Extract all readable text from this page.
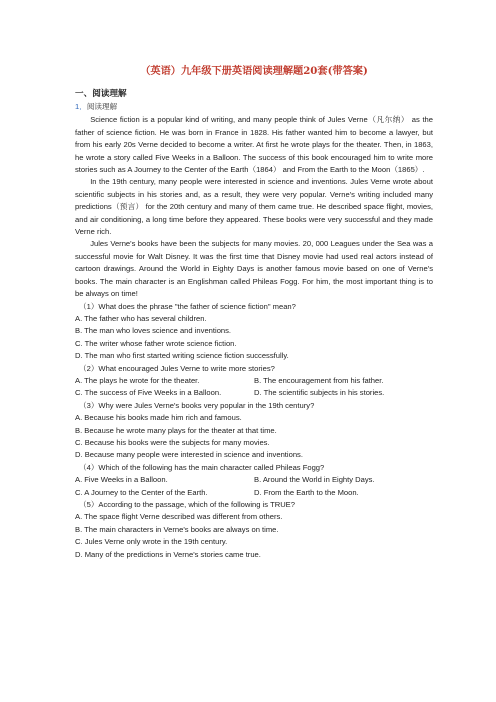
（英语）九年级下册英语阅读理解题20套(带答案)
一、阅读理解
1．阅读理解

Science fiction is a popular kind of writing, and many people think of Jules Verne（凡尔纳） as the father of science fiction. He was born in France in 1828. His father wanted him to become a lawyer, but from his early 20s Verne decided to become a writer. At first he wrote plays for the theater. Then, in 1863, he wrote a story called Five Weeks in a Balloon. The success of this book encouraged him to write more stories such as A Journey to the Center of the Earth（1864） and From the Earth to the Moon（1865）.

In the 19th century, many people were interested in science and inventions. Jules Verne wrote about scientific subjects in his stories and, as a result, they were very popular. Verne's writing included many predictions（预言） for the 20th century and many of them came true. He described space flight, movies, and air conditioning, a long time before they appeared. These books were very successful and they made Verne rich.

Jules Verne's books have been the subjects for many movies. 20, 000 Leagues under the Sea was a successful movie for Walt Disney. It was the first time that Disney movie had used real actors instead of cartoon drawings. Around the World in Eighty Days is another famous movie based on one of Verne's books. The main character is an Englishman called Phileas Fogg. For him, the most important thing is to be always on time!

（1）What does the phrase "the father of science fiction" mean?
A. The father who has several children.
B. The man who loves science and inventions.
C. The writer whose father wrote science fiction.
D. The man who first started writing science fiction successfully.
（2）What encouraged Jules Verne to write more stories?
A. The plays he wrote for the theater.	B. The encouragement from his father.
C. The success of Five Weeks in a Balloon.	D. The scientific subjects in his stories.
（3）Why were Jules Verne's books very popular in the 19th century?
A. Because his books made him rich and famous.
B. Because he wrote many plays for the theater at that time.
C. Because his books were the subjects for many movies.
D. Because many people were interested in science and inventions.
（4）Which of the following has the main character called Phileas Fogg?
A. Five Weeks in a Balloon.	B. Around the World in Eighty Days.
C. A Journey to the Center of the Earth.	D. From the Earth to the Moon.
（5）According to the passage, which of the following is TRUE?
A. The space flight Verne described was different from others.
B. The main characters in Verne's books are always on time.
C. Jules Verne only wrote in the 19th century.
D. Many of the predictions in Verne's stories came true.
